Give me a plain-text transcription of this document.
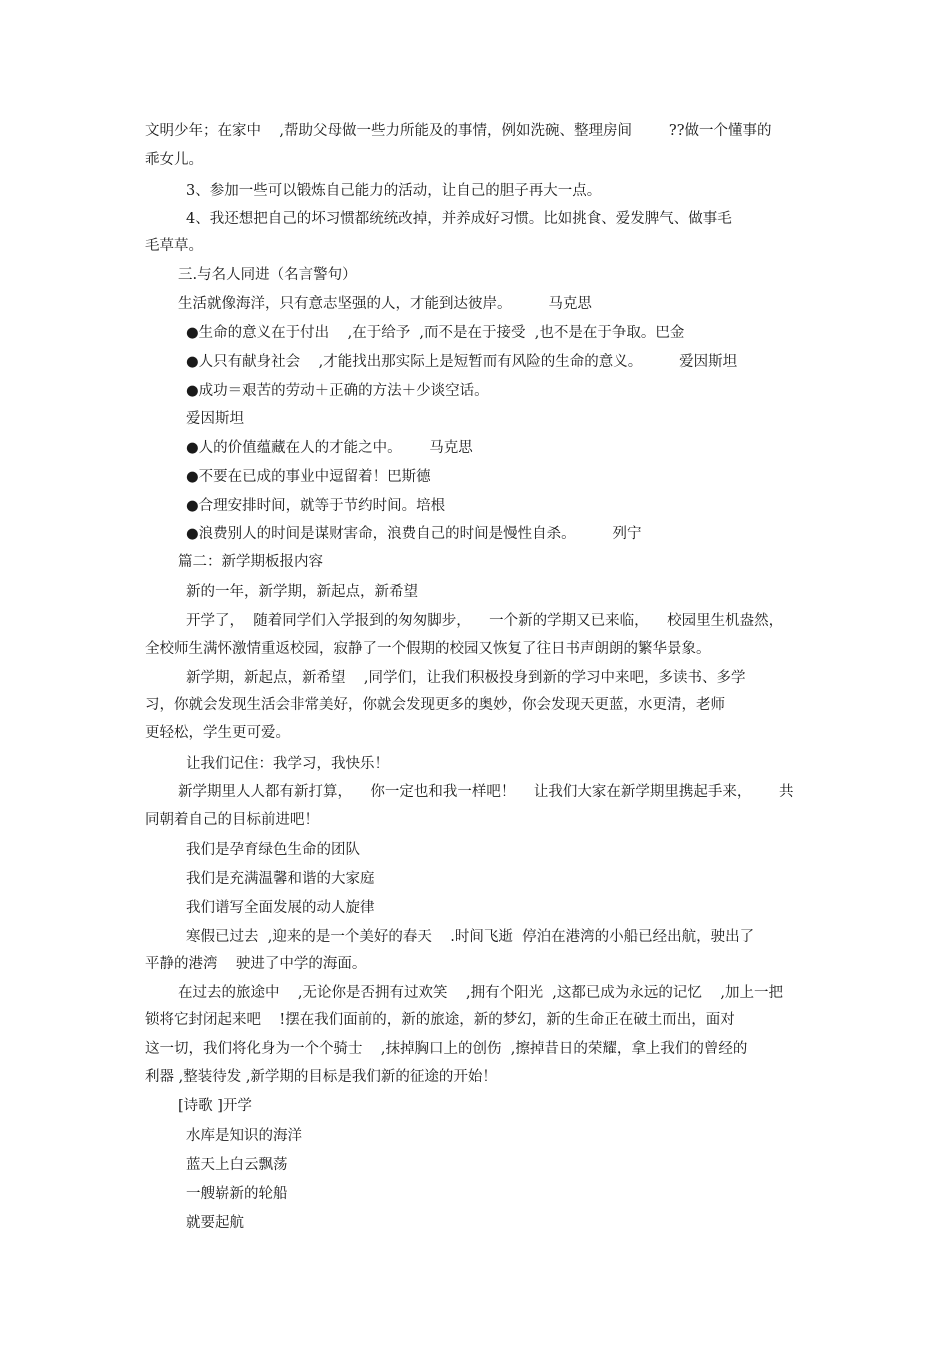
文明少年；在家中    ,帮助父母做一些力所能及的事情，例如洗碗、整理房间        ??做一个懂事的
乖女儿。
3、参加一些可以锻炼自己能力的活动，让自己的胆子再大一点。
4、我还想把自己的坏习惯都统统改掉，并养成好习惯。比如挑食、爱发脾气、做事毛
毛草草。
三.与名人同进（名言警句）
生活就像海洋，只有意志坚强的人，才能到达彼岸。        马克思
●生命的意义在于付出    ,在于给予  ,而不是在于接受  ,也不是在于争取。巴金
●人只有献身社会    ,才能找出那实际上是短暂而有风险的生命的意义。        爱因斯坦
●成功＝艰苦的劳动＋正确的方法＋少谈空话。
爱因斯坦
●人的价值蕴藏在人的才能之中。      马克思
●不要在已成的事业中逗留着！巴斯德
●合理安排时间，就等于节约时间。培根
●浪费别人的时间是谋财害命，浪费自己的时间是慢性自杀。        列宁
篇二：新学期板报内容
新的一年，新学期，新起点，新希望
开学了，  随着同学们入学报到的匆匆脚步，    一个新的学期又已来临，    校园里生机盎然，
全校师生满怀激情重返校园，寂静了一个假期的校园又恢复了往日书声朗朗的繁华景象。
新学期，新起点，新希望    ,同学们，让我们积极投身到新的学习中来吧，多读书、多学
习，你就会发现生活会非常美好，你就会发现更多的奥妙，你会发现天更蓝，水更清，老师
更轻松，学生更可爱。
让我们记住：我学习，我快乐！
新学期里人人都有新打算，    你一定也和我一样吧！    让我们大家在新学期里携起手来，      共
同朝着自己的目标前进吧！
我们是孕育绿色生命的团队
我们是充满温馨和谐的大家庭
我们谱写全面发展的动人旋律
寒假已过去  ,迎来的是一个美好的春天    .时间飞逝  停泊在港湾的小船已经出航，驶出了
平静的港湾    驶进了中学的海面。
在过去的旅途中    ,无论你是否拥有过欢笑    ,拥有个阳光  ,这都已成为永远的记忆    ,加上一把
锁将它封闭起来吧    !摆在我们面前的，新的旅途，新的梦幻，新的生命正在破土而出，面对
这一切，我们将化身为一个个骑士    ,抹掉胸口上的创伤  ,擦掉昔日的荣耀，拿上我们的曾经的
利器 ,整装待发 ,新学期的目标是我们新的征途的开始！
[诗歌 ]开学
水库是知识的海洋
蓝天上白云飘荡
一艘崭新的轮船
就要起航
